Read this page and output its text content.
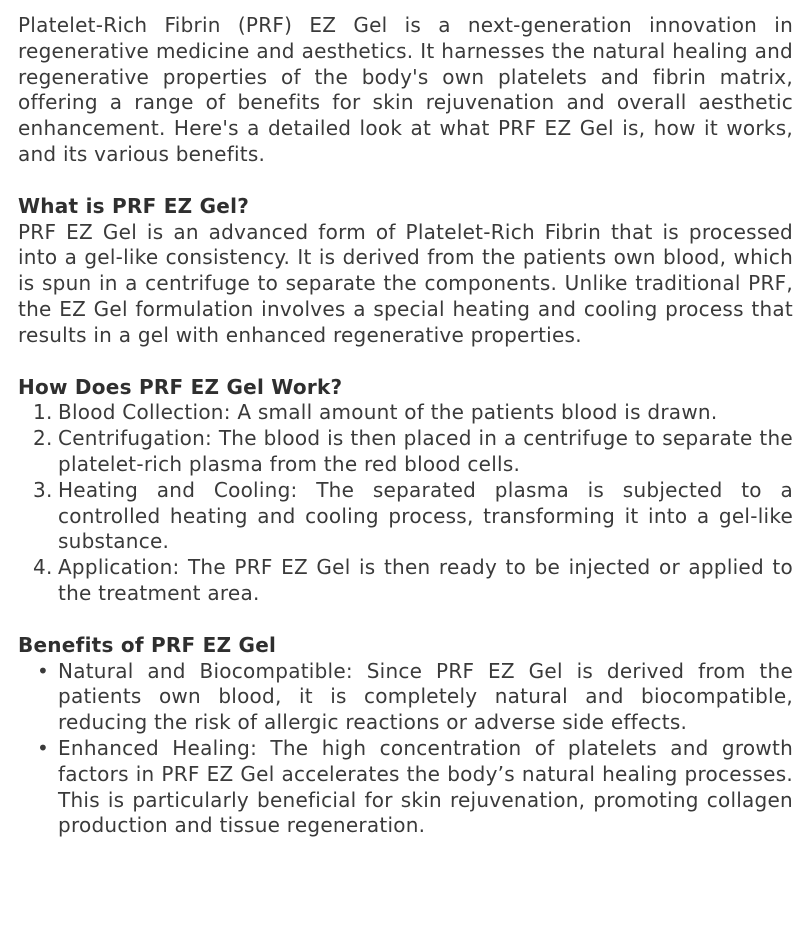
Platelet-Rich Fibrin (PRF) EZ Gel is a next-generation innovation in regenerative medicine and aesthetics. It harnesses the natural healing and regenerative properties of the body's own platelets and fibrin matrix, offering a range of benefits for skin rejuvenation and overall aesthetic enhancement. Here's a detailed look at what PRF EZ Gel is, how it works, and its various benefits.

What is PRF EZ Gel?

PRF EZ Gel is an advanced form of Platelet-Rich Fibrin that is processed into a gel-like consistency. It is derived from the patients own blood, which is spun in a centrifuge to separate the components. Unlike traditional PRF, the EZ Gel formulation involves a special heating and cooling process that results in a gel with enhanced regenerative properties.

How Does PRF EZ Gel Work?
1. Blood Collection: A small amount of the patients blood is drawn.
2. Centrifugation: The blood is then placed in a centrifuge to separate the platelet-rich plasma from the red blood cells.
3. Heating and Cooling: The separated plasma is subjected to a controlled heating and cooling process, transforming it into a gel-like substance.
4. Application: The PRF EZ Gel is then ready to be injected or applied to the treatment area.
Benefits of PRF EZ Gel
• Natural and Biocompatible: Since PRF EZ Gel is derived from the patients own blood, it is completely natural and biocompatible, reducing the risk of allergic reactions or adverse side effects.
• Enhanced Healing: The high concentration of platelets and growth factors in PRF EZ Gel accelerates the body’s natural healing processes. This is particularly beneficial for skin rejuvenation, promoting collagen production and tissue regeneration.
